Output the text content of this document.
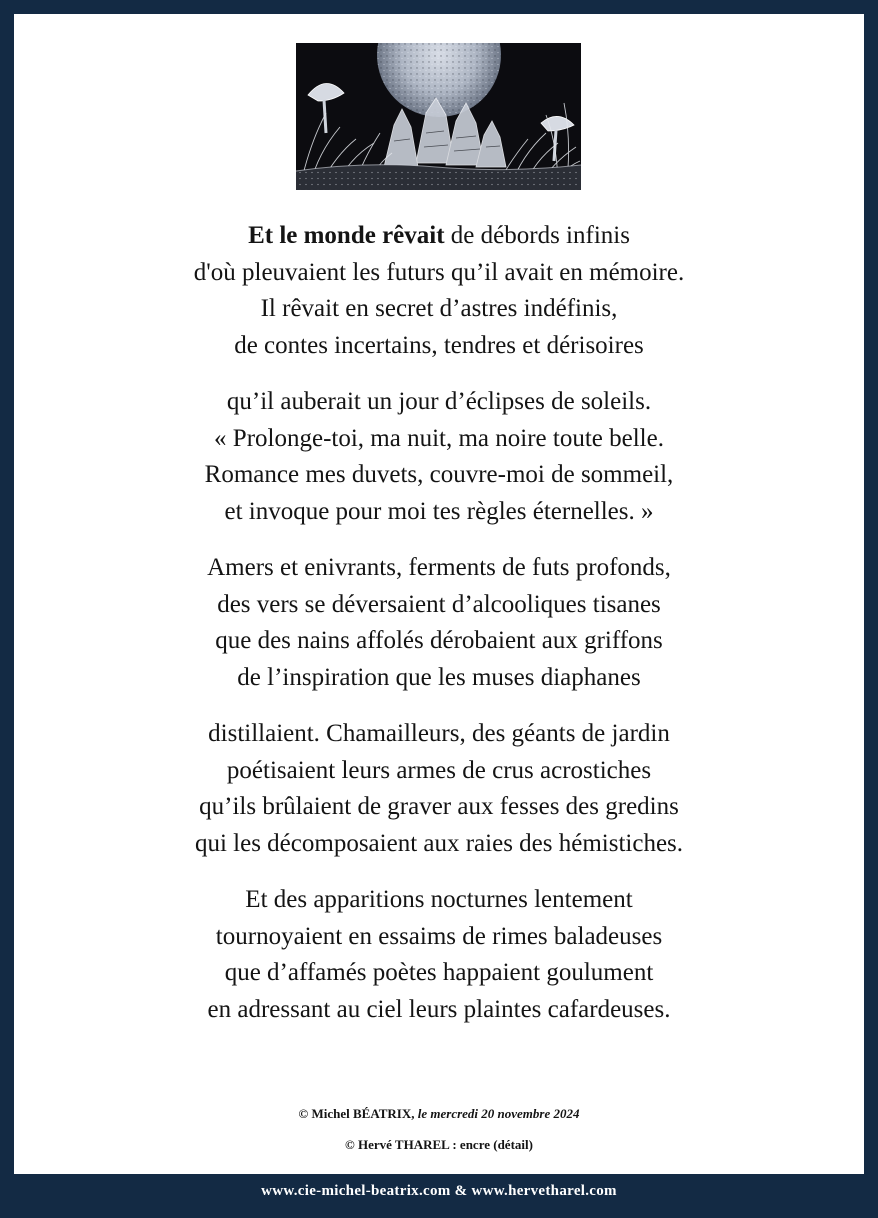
Et le monde rêvait de débords infinis
d'où pleuvaient les futurs qu’il avait en mémoire.
Il rêvait en secret d’astres indéfinis,
de contes incertains, tendres et dérisoires
qu’il auberait un jour d’éclipses de soleils.
« Prolonge-toi, ma nuit, ma noire toute belle.
Romance mes duvets, couvre-moi de sommeil,
et invoque pour moi tes règles éternelles. »
Amers et enivrants, ferments de futs profonds,
des vers se déversaient d’alcooliques tisanes
que des nains affolés dérobaient aux griffons
de l’inspiration que les muses diaphanes
distillaient. Chamailleurs, des géants de jardin
poétisaient leurs armes de crus acrostiches
qu’ils brûlaient de graver aux fesses des gredins
qui les décomposaient aux raies des hémistiches.
Et des apparitions nocturnes lentement
tournoyaient en essaims de rimes baladeuses
que d’affamés poètes happaient goulument
en adressant au ciel leurs plaintes cafardeuses.
© Michel BÉATRIX, le mercredi 20 novembre 2024
© Hervé THAREL : encre (détail)
www.cie-michel-beatrix.com & www.hervetharel.com
